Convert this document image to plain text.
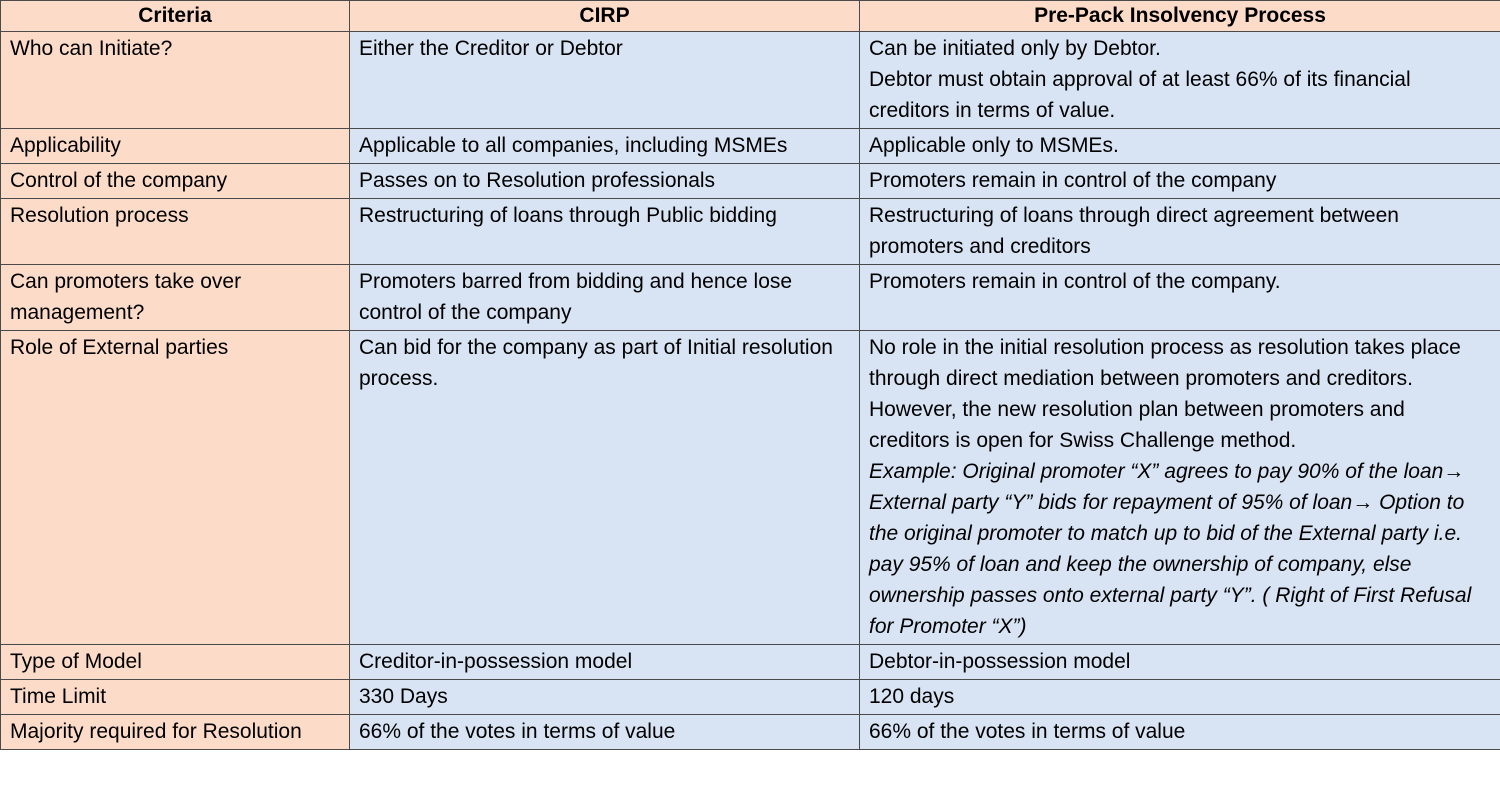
Criteria	CIRP	Pre-Pack Insolvency Process
Who can Initiate?	Either the Creditor or Debtor	Can be initiated only by Debtor.
Debtor must obtain approval of at least 66% of its financial creditors in terms of value.

Applicability	Applicable to all companies, including MSMEs	Applicable only to MSMEs.

Control of the company	Passes on to Resolution professionals	Promoters remain in control of the company

Resolution process	Restructuring of loans through Public bidding	Restructuring of loans through direct agreement between promoters and creditors

Can promoters take over management?	Promoters barred from bidding and hence lose control of the company	Promoters remain in control of the company.

Role of External parties	Can bid for the company as part of Initial resolution process.	No role in the initial resolution process as resolution takes place through direct mediation between promoters and creditors.
However, the new resolution plan between promoters and creditors is open for Swiss Challenge method.
Example: Original promoter “X” agrees to pay 90% of the loan→ External party “Y” bids for repayment of 95% of loan→ Option to the original promoter to match up to bid of the External party i.e. pay 95% of loan and keep the ownership of company, else ownership passes onto external party “Y”. ( Right of First Refusal for Promoter “X”)

Type of Model	Creditor-in-possession model	Debtor-in-possession model

Time Limit	330 Days	120 days

Majority required for Resolution	66% of the votes in terms of value	66% of the votes in terms of value
